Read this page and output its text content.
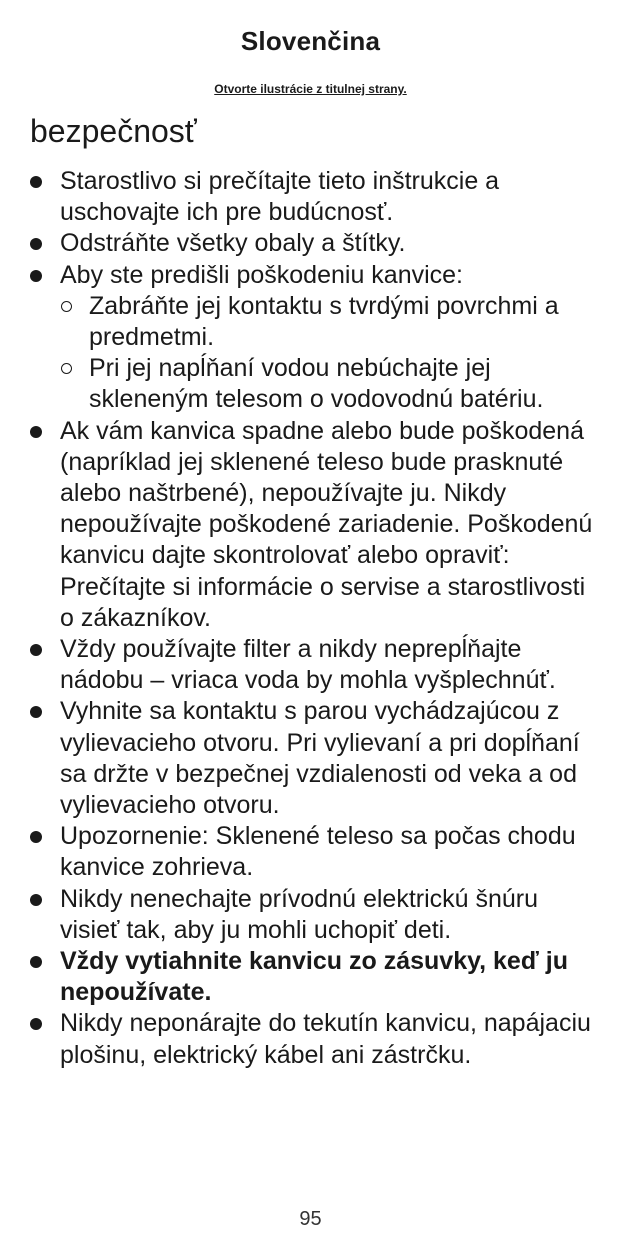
Slovenčina
Otvorte ilustrácie z titulnej strany.
bezpečnosť
Starostlivo si prečítajte tieto inštrukcie a uschovajte ich pre budúcnosť.
Odstráňte všetky obaly a štítky.
Aby ste predišli poškodeniu kanvice:
Zabráňte jej kontaktu s tvrdými povrchmi a predmetmi.
Pri jej napĺňaní vodou nebúchajte jej skleneným telesom o vodovodnú batériu.
Ak vám kanvica spadne alebo bude poškodená (napríklad jej sklenené teleso bude prasknuté alebo naštrbené), nepoužívajte ju. Nikdy nepoužívajte poškodené zariadenie. Poškodenú kanvicu dajte skontrolovať alebo opraviť: Prečítajte si informácie o servise a starostlivosti o zákazníkov.
Vždy používajte filter a nikdy neprepĺňajte nádobu – vriaca voda by mohla vyšplechnúť.
Vyhnite sa kontaktu s parou vychádzajúcou z vylievacieho otvoru. Pri vylievaní a pri dopĺňaní sa držte v bezpečnej vzdialenosti od veka a od vylievacieho otvoru.
Upozornenie: Sklenené teleso sa počas chodu kanvice zohrieva.
Nikdy nenechajte prívodnú elektrickú šnúru visieť tak, aby ju mohli uchopiť deti.
Vždy vytiahnite kanvicu zo zásuvky, keď ju nepoužívate.
Nikdy neponárajte do tekutín kanvicu, napájaciu plošinu, elektrický kábel ani zástrčku.
95
